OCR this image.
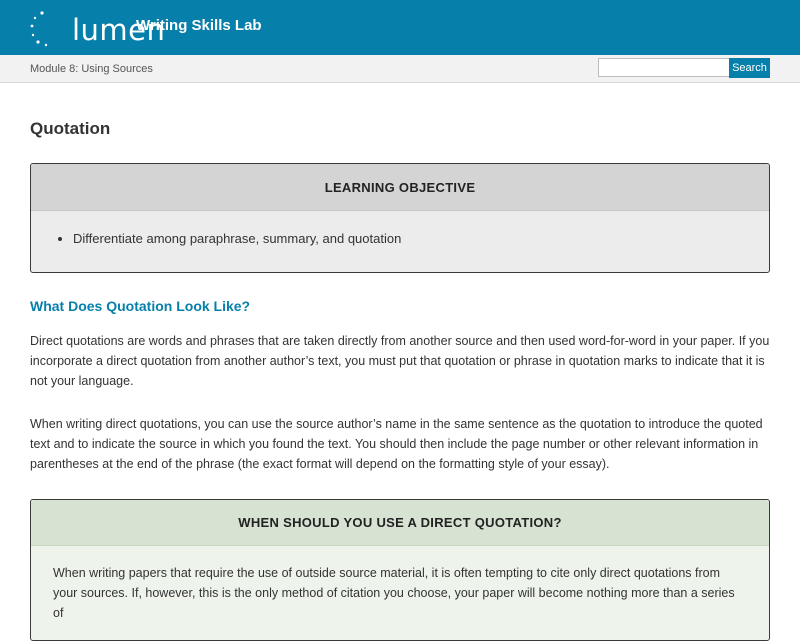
lumen
Writing Skills Lab
Module 8: Using Sources	Search
Quotation
LEARNING OBJECTIVE
• Differentiate among paraphrase, summary, and quotation
What Does Quotation Look Like?

Direct quotations are words and phrases that are taken directly from another source and then used word-for-word in your paper. If you incorporate a direct quotation from another author’s text, you must put that quotation or phrase in quotation marks to indicate that it is not your language.

When writing direct quotations, you can use the source author’s name in the same sentence as the quotation to introduce the quoted text and to indicate the source in which you found the text. You should then include the page number or other relevant information in parentheses at the end of the phrase (the exact format will depend on the formatting style of your essay).

WHEN SHOULD YOU USE A DIRECT QUOTATION?
When writing papers that require the use of outside source material, it is often tempting to cite only direct quotations from your sources. If, however, this is the only method of citation you choose, your paper will become nothing more than a series of
